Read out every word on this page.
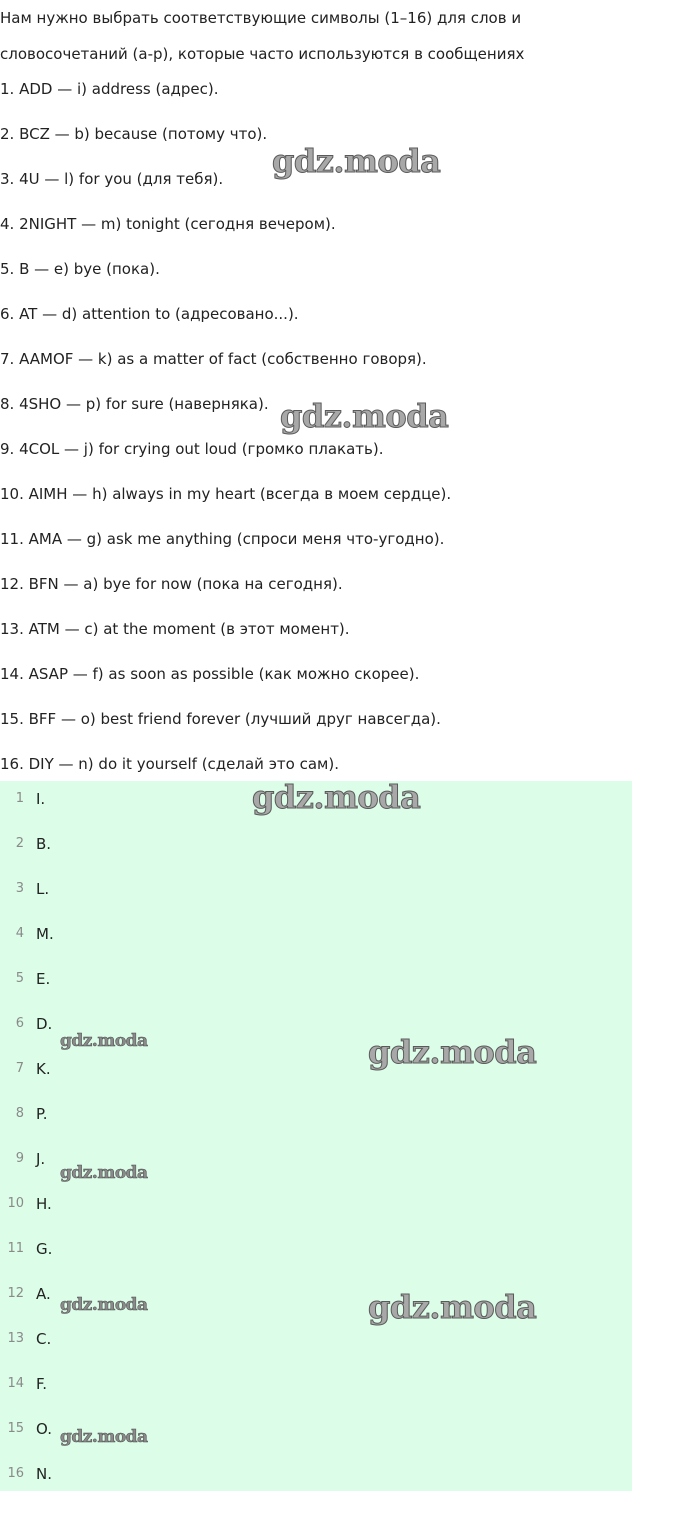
Нам нужно выбрать соответствующие символы (1–16) для слов и
словосочетаний (a-p), которые часто используются в сообщениях

1. ADD — i) address (адрес).
2. BCZ — b) because (потому что).
3. 4U — l) for you (для тебя).
4. 2NIGHT — m) tonight (сегодня вечером).
5. B — e) bye (пока).
6. AT — d) attention to (адресовано...).
7. AAMOF — k) as a matter of fact (собственно говоря).
8. 4SHO — p) for sure (наверняка).
9. 4COL — j) for crying out loud (громко плакать).
10. AIMH — h) always in my heart (всегда в моем сердце).
11. AMA — g) ask me anything (спроси меня что-угодно).
12. BFN — a) bye for now (пока на сегодня).
13. ATM — c) at the moment (в этот момент).
14. ASAP — f) as soon as possible (как можно скорее).
15. BFF — o) best friend forever (лучший друг навсегда).
16. DIY — n) do it yourself (сделай это сам).
1 I.
2 B.
3 L.
4 M.
5 E.
6 D.
7 K.
8 P.
9 J.
10 H.
11 G.
12 A.
13 C.
14 F.
15 O.
16 N.
gdz.moda
gdz.moda
gdz.moda
gdz.moda
gdz.moda
gdz.moda
gdz.moda
gdz.moda
gdz.moda
